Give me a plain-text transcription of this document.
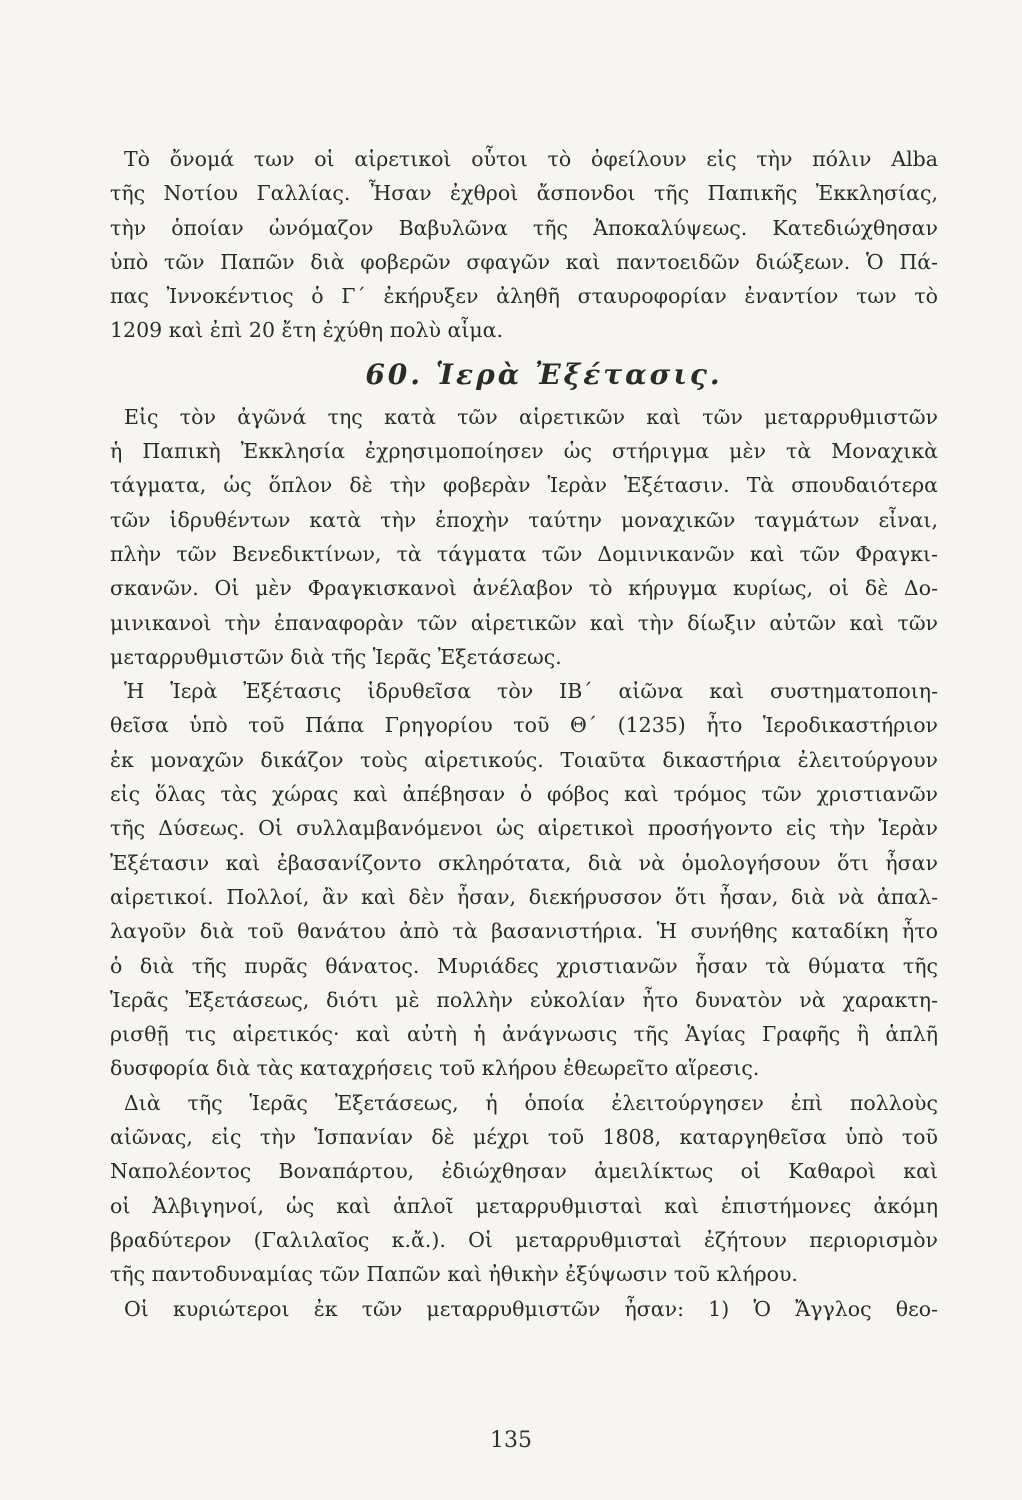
Τὸ ὄνομά των οἱ αἱρετικοὶ οὗτοι τὸ ὀφείλουν εἰς τὴν πόλιν Alba
τῆς Νοτίου Γαλλίας. Ἦσαν ἐχθροὶ ἄσπονδοι τῆς Παπικῆς Ἐκκλησίας,
τὴν ὁποίαν ὠνόμαζον Βαβυλῶνα τῆς Ἀποκαλύψεως. Κατεδιώχθησαν
ὑπὸ τῶν Παπῶν διὰ φοβερῶν σφαγῶν καὶ παντοειδῶν διώξεων. Ὁ Πά-
πας Ἰννοκέντιος ὁ Γ΄ ἐκήρυξεν ἀληθῆ σταυροφορίαν ἐναντίον των τὸ
1209 καὶ ἐπὶ 20 ἔτη ἐχύθη πολὺ αἷμα.
60. Ἱερὰ Ἐξέτασις.
Εἰς τὸν ἀγῶνά της κατὰ τῶν αἱρετικῶν καὶ τῶν μεταρρυθμιστῶν
ἡ Παπικὴ Ἐκκλησία ἐχρησιμοποίησεν ὡς στήριγμα μὲν τὰ Μοναχικὰ
τάγματα, ὡς ὅπλον δὲ τὴν φοβερὰν Ἱερὰν Ἐξέτασιν. Τὰ σπουδαιότερα
τῶν ἱδρυθέντων κατὰ τὴν ἐποχὴν ταύτην μοναχικῶν ταγμάτων εἶναι,
πλὴν τῶν Βενεδικτίνων, τὰ τάγματα τῶν Δομινικανῶν καὶ τῶν Φραγκι-
σκανῶν. Οἱ μὲν Φραγκισκανοὶ ἀνέλαβον τὸ κήρυγμα κυρίως, οἱ δὲ Δο-
μινικανοὶ τὴν ἐπαναφορὰν τῶν αἱρετικῶν καὶ τὴν δίωξιν αὐτῶν καὶ τῶν
μεταρρυθμιστῶν διὰ τῆς Ἱερᾶς Ἐξετάσεως.
Ἡ Ἱερὰ Ἐξέτασις ἱδρυθεῖσα τὸν ΙΒ΄ αἰῶνα καὶ συστηματοποιη-
θεῖσα ὑπὸ τοῦ Πάπα Γρηγορίου τοῦ Θ΄ (1235) ἦτο Ἱεροδικαστήριον
ἐκ μοναχῶν δικάζον τοὺς αἱρετικούς. Τοιαῦτα δικαστήρια ἐλειτούργουν
εἰς ὅλας τὰς χώρας καὶ ἀπέβησαν ὁ φόβος καὶ τρόμος τῶν χριστιανῶν
τῆς Δύσεως. Οἱ συλλαμβανόμενοι ὡς αἱρετικοὶ προσήγοντο εἰς τὴν Ἱερὰν
Ἐξέτασιν καὶ ἐβασανίζοντο σκληρότατα, διὰ νὰ ὁμολογήσουν ὅτι ἦσαν
αἱρετικοί. Πολλοί, ἂν καὶ δὲν ἦσαν, διεκήρυσσον ὅτι ἦσαν, διὰ νὰ ἀπαλ-
λαγοῦν διὰ τοῦ θανάτου ἀπὸ τὰ βασανιστήρια. Ἡ συνήθης καταδίκη ἦτο
ὁ διὰ τῆς πυρᾶς θάνατος. Μυριάδες χριστιανῶν ἦσαν τὰ θύματα τῆς
Ἱερᾶς Ἐξετάσεως, διότι μὲ πολλὴν εὐκολίαν ἦτο δυνατὸν νὰ χαρακτη-
ρισθῇ τις αἱρετικός· καὶ αὐτὴ ἡ ἀνάγνωσις τῆς Ἁγίας Γραφῆς ἢ ἁπλῆ
δυσφορία διὰ τὰς καταχρήσεις τοῦ κλήρου ἐθεωρεῖτο αἵρεσις.
Διὰ τῆς Ἱερᾶς Ἐξετάσεως, ἡ ὁποία ἐλειτούργησεν ἐπὶ πολλοὺς
αἰῶνας, εἰς τὴν Ἱσπανίαν δὲ μέχρι τοῦ 1808, καταργηθεῖσα ὑπὸ τοῦ
Ναπολέοντος Βοναπάρτου, ἐδιώχθησαν ἀμειλίκτως οἱ Καθαροὶ καὶ
οἱ Ἀλβιγηνοί, ὡς καὶ ἁπλοῖ μεταρρυθμισταὶ καὶ ἐπιστήμονες ἀκόμη
βραδύτερον (Γαλιλαῖος κ.ἄ.). Οἱ μεταρρυθμισταὶ ἐζήτουν περιορισμὸν
τῆς παντοδυναμίας τῶν Παπῶν καὶ ἠθικὴν ἐξύψωσιν τοῦ κλήρου.
Οἱ κυριώτεροι ἐκ τῶν μεταρρυθμιστῶν ἦσαν: 1) Ὁ Ἄγγλος θεο-
135
